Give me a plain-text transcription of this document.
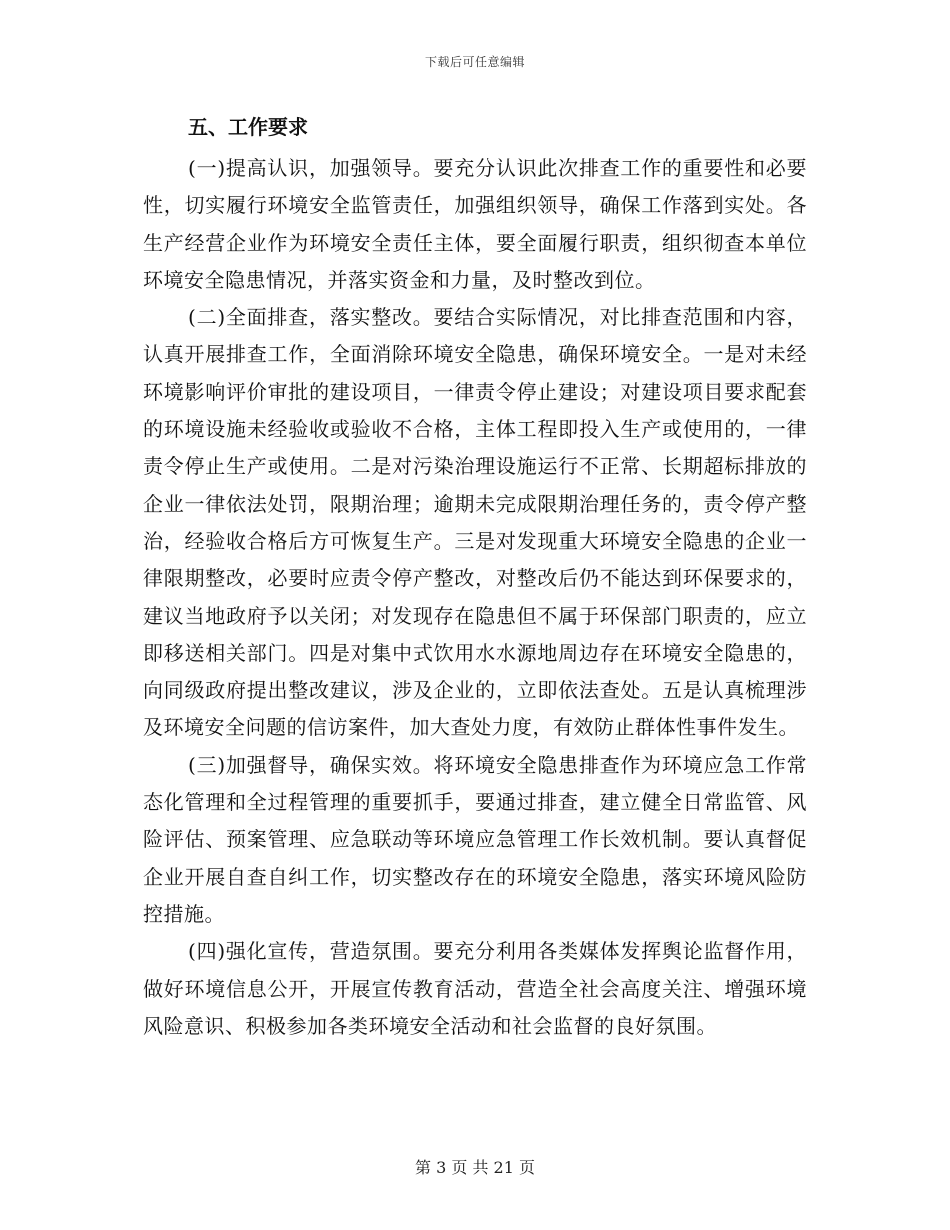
下载后可任意编辑
五、工作要求

(一)提高认识，加强领导。要充分认识此次排查工作的重要性和必要性，切实履行环境安全监管责任，加强组织领导，确保工作落到实处。各生产经营企业作为环境安全责任主体，要全面履行职责，组织彻查本单位环境安全隐患情况，并落实资金和力量，及时整改到位。

(二)全面排查，落实整改。要结合实际情况，对比排查范围和内容，认真开展排查工作，全面消除环境安全隐患，确保环境安全。一是对未经环境影响评价审批的建设项目，一律责令停止建设；对建设项目要求配套的环境设施未经验收或验收不合格，主体工程即投入生产或使用的，一律责令停止生产或使用。二是对污染治理设施运行不正常、长期超标排放的企业一律依法处罚，限期治理；逾期未完成限期治理任务的，责令停产整治，经验收合格后方可恢复生产。三是对发现重大环境安全隐患的企业一律限期整改，必要时应责令停产整改，对整改后仍不能达到环保要求的，建议当地政府予以关闭；对发现存在隐患但不属于环保部门职责的，应立即移送相关部门。四是对集中式饮用水水源地周边存在环境安全隐患的，向同级政府提出整改建议，涉及企业的，立即依法查处。五是认真梳理涉及环境安全问题的信访案件，加大查处力度，有效防止群体性事件发生。

(三)加强督导，确保实效。将环境安全隐患排查作为环境应急工作常态化管理和全过程管理的重要抓手，要通过排查，建立健全日常监管、风险评估、预案管理、应急联动等环境应急管理工作长效机制。要认真督促企业开展自查自纠工作，切实整改存在的环境安全隐患，落实环境风险防控措施。

(四)强化宣传，营造氛围。要充分利用各类媒体发挥舆论监督作用，做好环境信息公开，开展宣传教育活动，营造全社会高度关注、增强环境风险意识、积极参加各类环境安全活动和社会监督的良好氛围。

第 3 页 共 21 页
